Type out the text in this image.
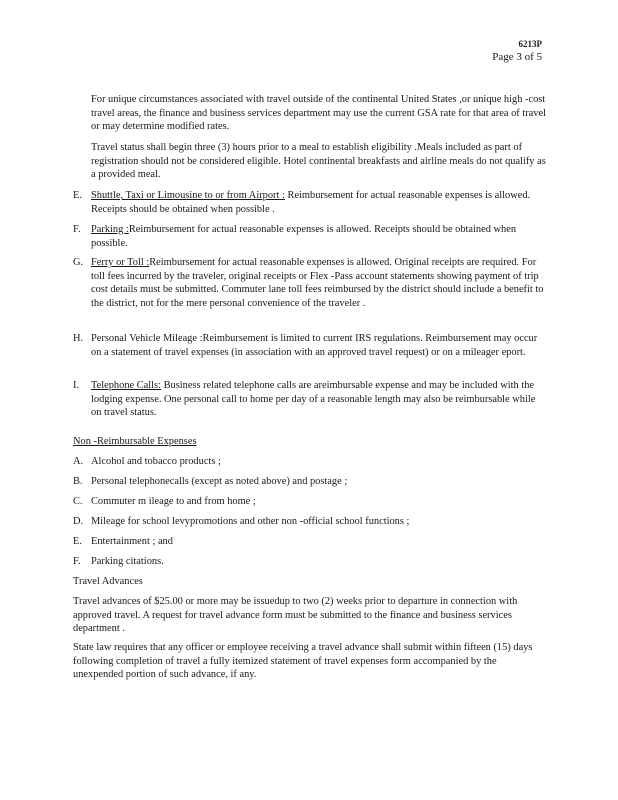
6213P
Page 3 of 5

For unique circumstances associated with travel outside of the continental United States ,or unique high -cost travel areas, the finance and business services department may use the current GSA rate for that area of travel or may determine modified rates.

Travel status shall begin three (3) hours prior to a meal to establish eligibility .Meals included as part of registration should not be considered eligible. Hotel continental breakfasts and airline meals do not qualify as a provided meal.

E. Shuttle, Taxi or Limousine to or from Airport : Reimbursement for actual reasonable expenses is allowed. Receipts should be obtained when possible .
F. Parking :Reimbursement for actual reasonable expenses is allowed. Receipts should be obtained when possible.
G. Ferry or Toll :Reimbursement for actual reasonable expenses is allowed. Original receipts are required. For toll fees incurred by the traveler, original receipts or Flex -Pass account statements showing payment of trip cost details must be submitted. Commuter lane toll fees reimbursed by the district should include a benefit to the district, not for the mere personal convenience of the traveler .
H. Personal Vehicle Mileage :Reimbursement is limited to current IRS regulations. Reimbursement may occur on a statement of travel expenses (in association with an approved travel request) or on a mileager eport.
I. Telephone Calls: Business related telephone calls are areimbursable expense and may be included with the lodging expense. One personal call to home per day of a reasonable length may also be reimbursable while on travel status.
Non -Reimbursable Expenses
A. Alcohol and tobacco products ;
B. Personal telephonecalls (except as noted above) and postage ;
C. Commuter m ileage to and from home ;
D. Mileage for school levypromotions and other non -official school functions ;
E. Entertainment ; and
F. Parking citations.
Travel Advances

Travel advances of $25.00 or more may be issuedup to two (2) weeks prior to departure in connection with approved travel. A request for travel advance form must be submitted to the finance and business services department .

State law requires that any officer or employee receiving a travel advance shall submit within fifteen (15) days following completion of travel a fully itemized statement of travel expenses form accompanied by the unexpended portion of such advance, if any.
